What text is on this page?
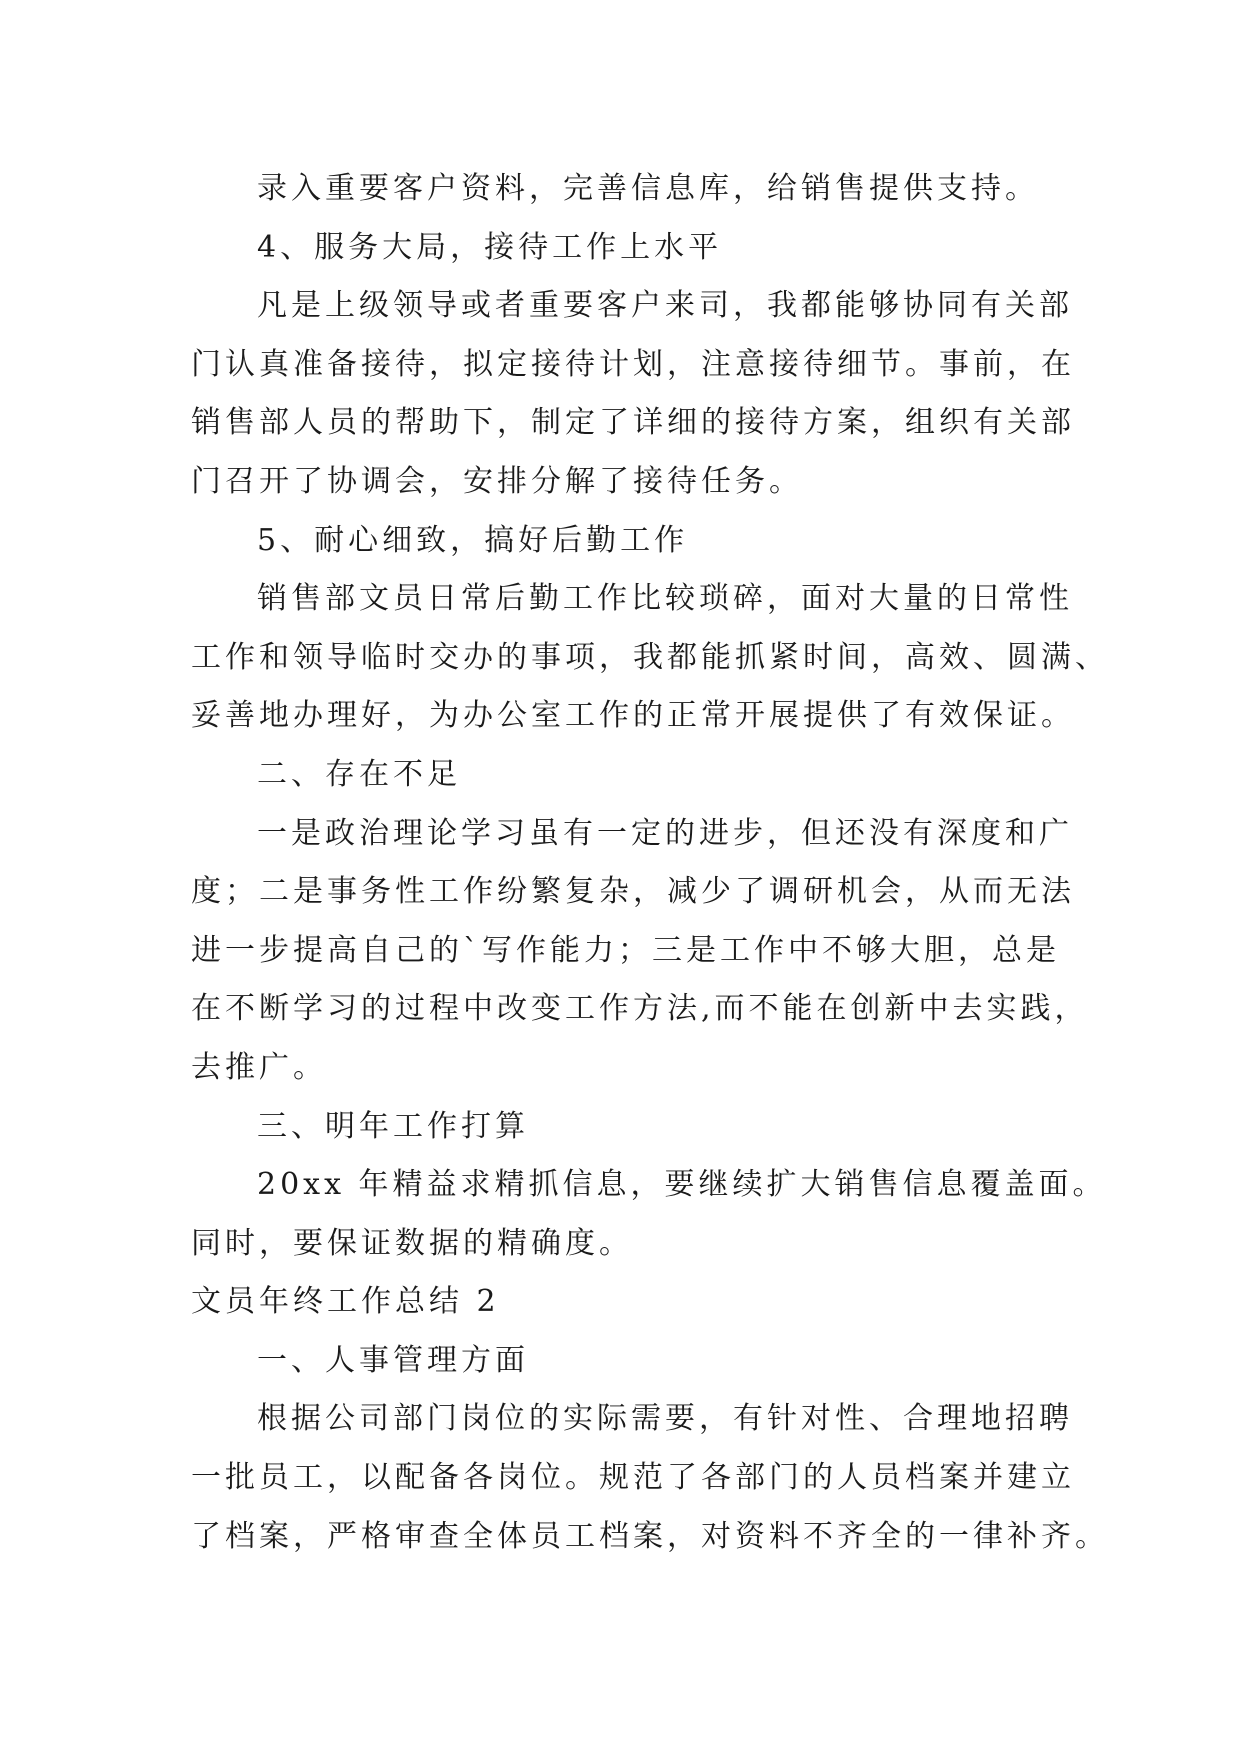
录入重要客户资料，完善信息库，给销售提供支持。
4、服务大局，接待工作上水平
凡是上级领导或者重要客户来司，我都能够协同有关部
门认真准备接待，拟定接待计划，注意接待细节。事前，在
销售部人员的帮助下，制定了详细的接待方案，组织有关部
门召开了协调会，安排分解了接待任务。
5、耐心细致，搞好后勤工作
销售部文员日常后勤工作比较琐碎，面对大量的日常性
工作和领导临时交办的事项，我都能抓紧时间，高效、圆满、
妥善地办理好，为办公室工作的正常开展提供了有效保证。
二、存在不足
一是政治理论学习虽有一定的进步，但还没有深度和广
度；二是事务性工作纷繁复杂，减少了调研机会，从而无法
进一步提高自己的`写作能力；三是工作中不够大胆，总是
在不断学习的过程中改变工作方法,而不能在创新中去实践，
去推广。
三、明年工作打算
20xx 年精益求精抓信息，要继续扩大销售信息覆盖面。
同时，要保证数据的精确度。
文员年终工作总结 2
一、人事管理方面
根据公司部门岗位的实际需要，有针对性、合理地招聘
一批员工，以配备各岗位。规范了各部门的人员档案并建立
了档案，严格审查全体员工档案，对资料不齐全的一律补齐。
